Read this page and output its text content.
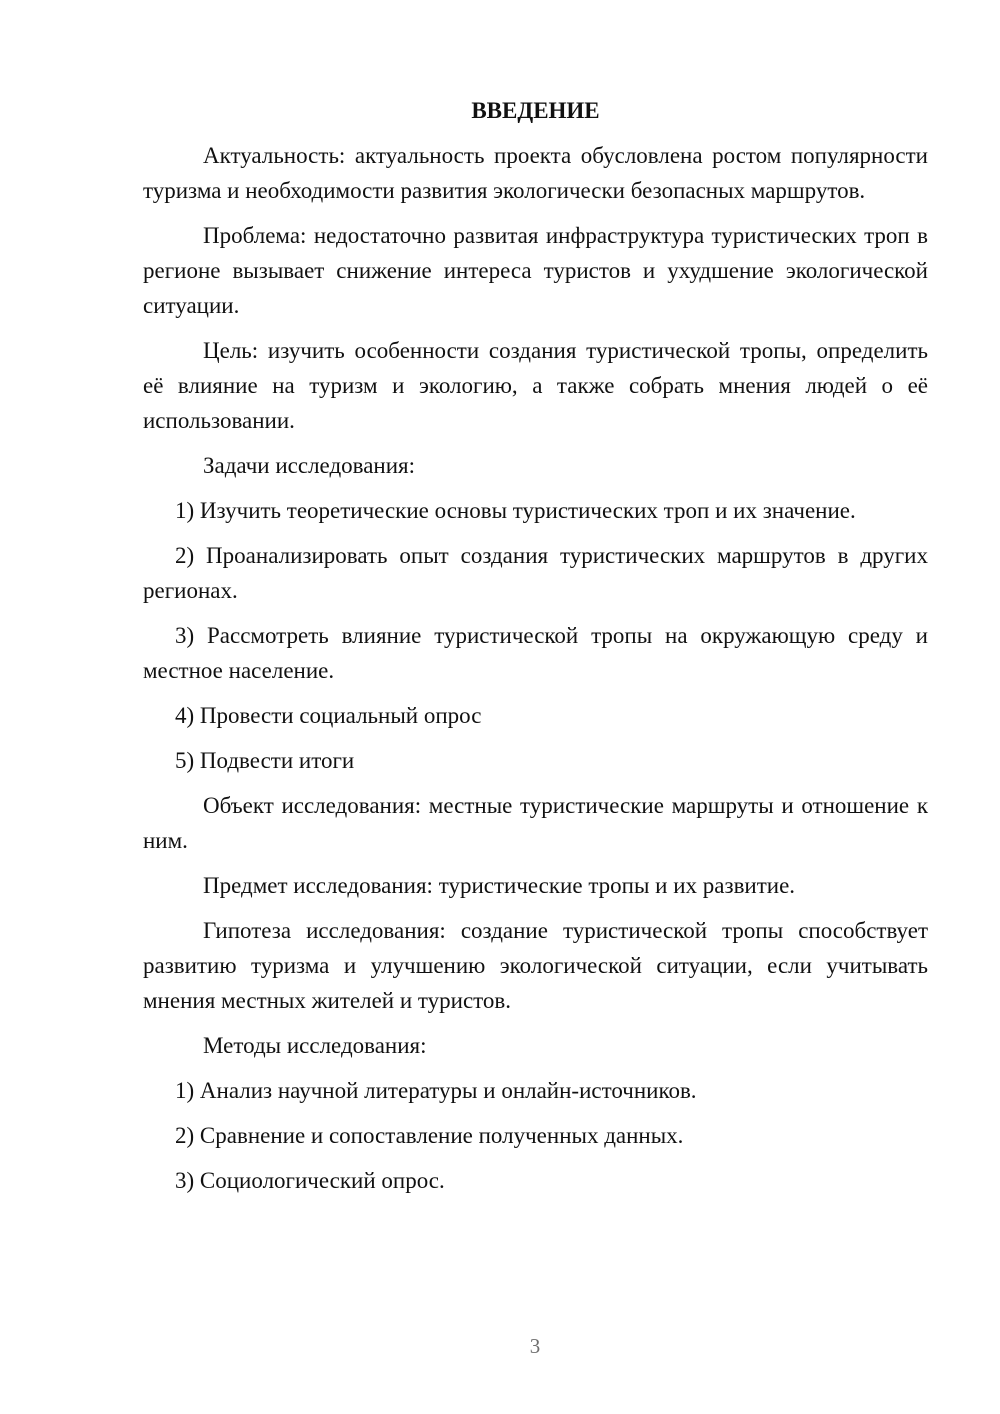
ВВЕДЕНИЕ

Актуальность: актуальность проекта обусловлена ростом популярности туризма и необходимости развития экологически безопасных маршрутов.

Проблема: недостаточно развитая инфраструктура туристических троп в регионе вызывает снижение интереса туристов и ухудшение экологической ситуации.

Цель: изучить особенности создания туристической тропы, определить её влияние на туризм и экологию, а также собрать мнения людей о её использовании.

Задачи исследования:

1) Изучить теоретические основы туристических троп и их значение.

2) Проанализировать опыт создания туристических маршрутов в других регионах.

3) Рассмотреть влияние туристической тропы на окружающую среду и местное население.

4) Провести социальный опрос

5) Подвести итоги

Объект исследования: местные туристические маршруты и отношение к ним.

Предмет исследования: туристические тропы и их развитие.

Гипотеза исследования: создание туристической тропы способствует развитию туризма и улучшению экологической ситуации, если учитывать мнения местных жителей и туристов.

Методы исследования:

1) Анализ научной литературы и онлайн-источников.

2) Сравнение и сопоставление полученных данных.

3) Социологический опрос.

3
